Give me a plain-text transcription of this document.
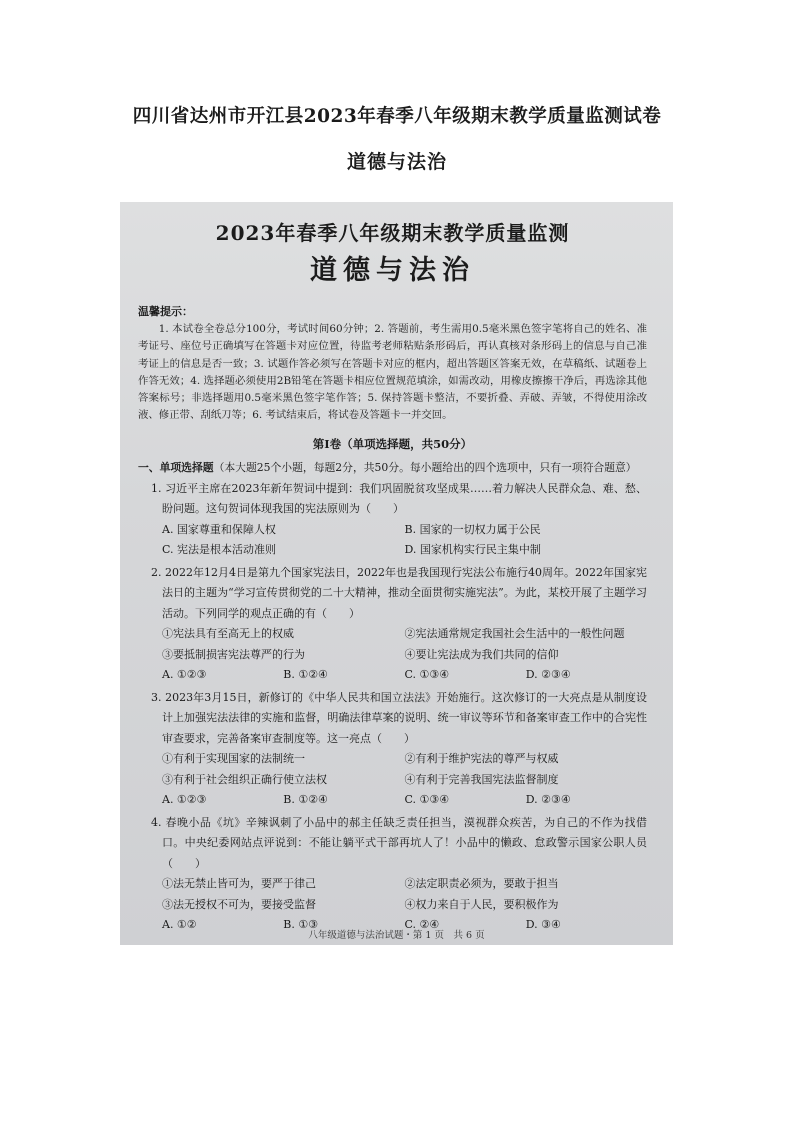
四川省达州市开江县2023年春季八年级期末教学质量监测试卷
道德与法治
2023年春季八年级期末教学质量监测
道德与法治
温馨提示：
1. 本试卷全卷总分100分，考试时间60分钟；2. 答题前，考生需用0.5毫米黑色签字笔将自己的姓名、准考证号、座位号正确填写在答题卡对应位置，待监考老师粘贴条形码后，再认真核对条形码上的信息与自己准考证上的信息是否一致；3. 试题作答必须写在答题卡对应的框内，超出答题区答案无效，在草稿纸、试题卷上作答无效；4. 选择题必须使用2B铅笔在答题卡相应位置规范填涂，如需改动，用橡皮擦擦干净后，再选涂其他答案标号；非选择题用0.5毫米黑色签字笔作答；5. 保持答题卡整洁，不要折叠、弄破、弄皱，不得使用涂改液、修正带、刮纸刀等；6. 考试结束后，将试卷及答题卡一并交回。
第Ⅰ卷（单项选择题，共50分）
一、单项选择题（本大题25个小题，每题2分，共50分。每小题给出的四个选项中，只有一项符合题意）
1. 习近平主席在2023年新年贺词中提到：我们巩固脱贫攻坚成果……着力解决人民群众急、难、愁、盼问题。这句贺词体现我国的宪法原则为（　　）
A. 国家尊重和保障人权	B. 国家的一切权力属于公民
C. 宪法是根本活动准则	D. 国家机构实行民主集中制
2. 2022年12月4日是第九个国家宪法日，2022年也是我国现行宪法公布施行40周年。2022年国家宪法日的主题为“学习宣传贯彻党的二十大精神，推动全面贯彻实施宪法”。为此，某校开展了主题学习活动。下列同学的观点正确的有（　　）
①宪法具有至高无上的权威	②宪法通常规定我国社会生活中的一般性问题
③要抵制损害宪法尊严的行为	④要让宪法成为我们共同的信仰
A. ①②③	B. ①②④	C. ①③④	D. ②③④
3. 2023年3月15日，新修订的《中华人民共和国立法法》开始施行。这次修订的一大亮点是从制度设计上加强宪法法律的实施和监督，明确法律草案的说明、统一审议等环节和备案审查工作中的合宪性审查要求，完善备案审查制度等。这一亮点（　　）
①有利于实现国家的法制统一	②有利于维护宪法的尊严与权威
③有利于社会组织正确行使立法权	④有利于完善我国宪法监督制度
A. ①②③	B. ①②④	C. ①③④	D. ②③④
4. 春晚小品《坑》辛辣讽刺了小品中的郝主任缺乏责任担当，漠视群众疾苦，为自己的不作为找借口。中央纪委网站点评说到：不能让躺平式干部再坑人了！小品中的懒政、怠政警示国家公职人员（　　）
①法无禁止皆可为，要严于律己	②法定职责必须为，要敢于担当
③法无授权不可为，要接受监督	④权力来自于人民，要积极作为
A. ①②	B. ①③	C. ②④	D. ③④
八年级道德与法治试题・第 1 页　共 6 页
